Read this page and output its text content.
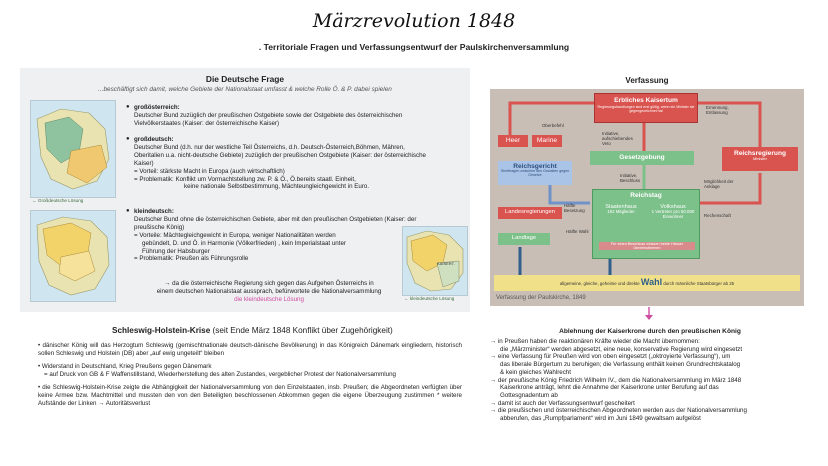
Märzrevolution 1848
. Territoriale Fragen und Verfassungsentwurf der Paulskirchenversammlung
Die Deutsche Frage
...beschäftigt sich damit, welche Gebiete der Nationalstaat umfasst & welche Rolle Ö. & P. dabei spielen
← Großdeutsche Lösung
KAISERT.
← kleindeutsche Lösung
● großösterreich:
Deutscher Bund zuzüglich der preußischen Ostgebiete sowie der Ostgebiete des österreichischen Vielvölkerstaates (Kaiser: der österreichische Kaiser)
● großdeutsch:
Deutscher Bund (d.h. nur der westliche Teil Österreichs, d.h. Deutsch-Österreich,Böhmen, Mähren, Oberitalien u.a. nicht-deutsche Gebiete) zuzüglich der preußischen Ostgebiete (Kaiser: der österreichische Kaiser)
= Vorteil: stärkste Macht in Europa (auch wirtschaftlich)
= Problematik: Konflikt um Vormachtstellung zw. P. & Ö., Ö.bereits staatl. Einheit,
keine nationale Selbstbestimmung, Mächteungleichgewicht in Euro.
● kleindeutsch:
Deutscher Bund ohne die österreichischen Gebiete, aber mit den preußischen Ostgebieten (Kaiser: der preußische König)
= Vorteile: Mächtegleichgewicht in Europa, weniger Nationalitäten werden
gebündelt, D. und Ö. in Harmonie (Völkerfrieden) , kein Imperialstaat unter
Führung der Habsburger
= Problematik: Preußen als Führungsrolle
→ da die österreichische Regierung sich gegen das Aufgehen Österreichs in
einem deutschen Nationalstaat aussprach, befürwortete die Nationalversammlung
die kleindeutsche Lösung
Verfassung
Erbliches Kaisertum
Regierungshandlungen sind erst gültig, wenn ein Minister sie gegengezeichnet hat
Oberbefehl
Ernennung, Entlassung
Heer	Marine
Initiative, aufschiebendes Veto
Gesetzgebung
Reichsregierung
Minister
Reichsgericht
Streitfragen zwischen den Gewalten gegen Gesetze	Initiative, Beschluss	Möglichkeit der Anklage
Reichstag
Staatenhaus
192 Mitglieder
Volkshaus
1 Vertreter pro 50.000 Einwohner
Für einen Beschluss müssen beide Häuser übereinstimmen
Rechenschaft
Landesregierungen
Hälfte Besetzung
Hälfte Wahl
Landtage
allgemeine, gleiche, geheime und direkte Wahl durch männliche Staatsbürger ab 25
Verfassung der Paulskirche, 1849
Schleswig-Holstein-Krise (seit Ende März 1848 Konflikt über Zugehörigkeit)

• dänischer König will das Herzogtum Schleswig (gemischtnationale deutsch-dänische Bevölkerung) in das Königreich Dänemark eingliedern, historisch sollen Schleswig und Holstein (DB) aber „auf ewig ungeteilt“ bleiben

• Widerstand in Deutschland, Krieg Preußens gegen Dänemark
= auf Druck von GB & F Waffenstillstand, Wiederherstellung des alten Zustandes, vergeblicher Protest der Nationalversammlung

• die Schleswig-Holstein-Krise zeigte die Abhängigkeit der Nationalversammlung von den Einzelstaaten, insb. Preußen; die Abgeordneten verfügten über keine Armee bzw. Machtmittel und mussten den von den Beteiligten beschlossenen Abkommen gegen die eigene Überzeugung zustimmen * weitere Aufstände der Linken → Autoritätsverlust

Ablehnung der Kaiserkrone durch den preußischen König
→ in Preußen haben die reaktionären Kräfte wieder die Macht übernommen:
die „Märzminister“ werden abgesetzt, eine neue, konservative Regierung wird eingesetzt
→ eine Verfassung für Preußen wird von oben eingesetzt („oktroyierte Verfassung“), um
das liberale Bürgertum zu beruhigen; die Verfassung enthält keinen Grundrechtskatalog
& kein gleiches Wahlrecht
→ der preußische König Friedrich Wilhelm IV., dem die Nationalversammlung im März 1848
Kaiserkrone anträgt, lehnt die Annahme der Kaiserkrone unter Berufung auf das
Gottesgnadentum ab
→ damit ist auch der Verfassungsentwurf gescheitert
→ die preußischen und österreichischen Abgeordneten werden aus der Nationalversammlung
abberufen, das „Rumpfparlament“ wird im Juni 1849 gewaltsam aufgelöst
